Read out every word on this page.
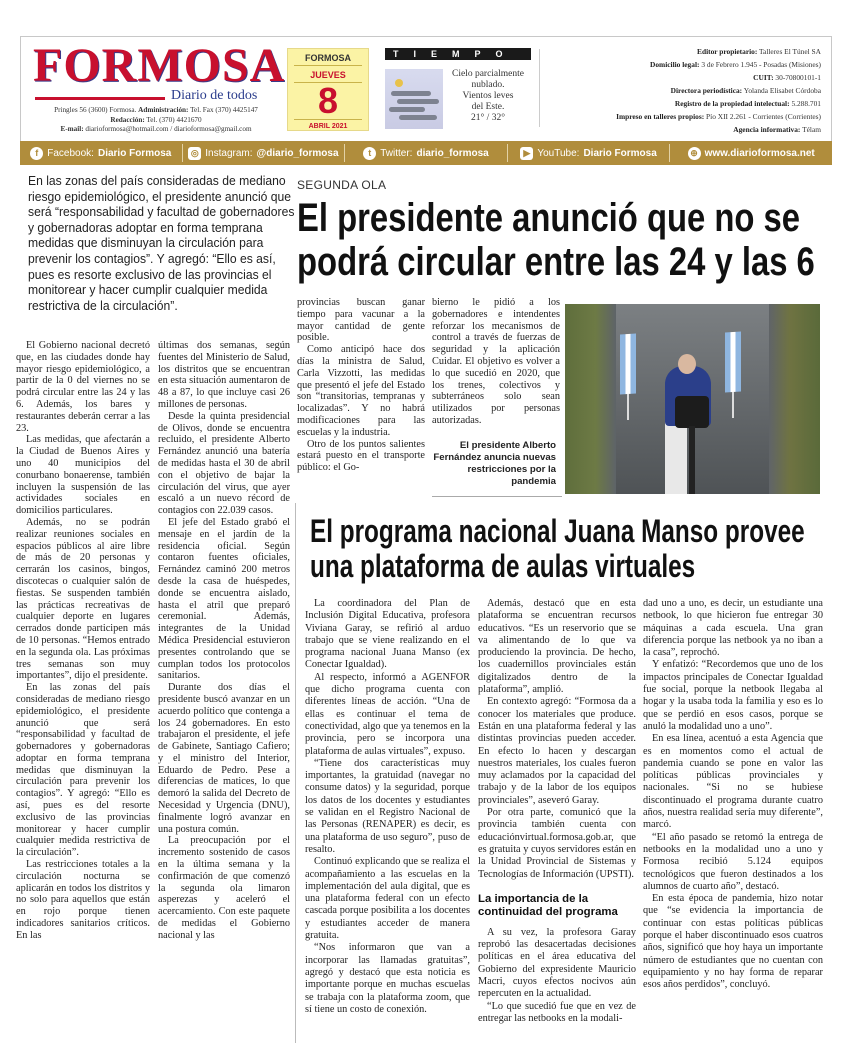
FORMOSA
Diario de todos
Pringles 56 (3600) Formosa. Administración: Tel. Fax (370) 4425147
Redacción: Tel. (370) 4421670
E-mail: diarioformosa@hotmail.com / diarioformosa@gmail.com
FORMOSA
JUEVES
8
ABRIL 2021
TIEMPO
Cielo parcialmente
nublado.
Vientos leves
del Este.
21° / 32°
Editor propietario: Talleres El Túnel SA
Domicilio legal: 3 de Febrero 1.945 - Posadas (Misiones)
CUIT: 30-70800101-1
Directora periodística: Yolanda Elisabet Córdoba
Registro de la propiedad intelectual: 5.288.701
Impreso en talleres propios: Pío XII 2.261 - Corrientes (Corrientes)
Agencia informativa: Télam
f Facebook: Diario Formosa ◎ Instagram: @diario_formosa	t Twitter: diario_formosa	▶ YouTube: Diario Formosa	⊕ www.diarioformosa.net
En las zonas del país consideradas de mediano riesgo epidemiológico, el presidente anunció que será “responsabilidad y facultad de gobernadores y gobernadoras adoptar en forma temprana medidas que disminuyan la circulación para prevenir los contagios”. Y agregó: “Ello es así, pues es resorte exclusivo de las provincias el monitorear y hacer cumplir cualquier medida restrictiva de la circulación”.
SEGUNDA OLA
El presidente anunció que no se podrá circular entre las 24 y las 6

El Gobierno nacional decretó que, en las ciudades donde hay mayor riesgo epidemiológico, a partir de la 0 del viernes no se podrá circular entre las 24 y las 6. Además, los bares y restaurantes deberán cerrar a las 23.

Las medidas, que afectarán a la Ciudad de Buenos Aires y uno 40 municipios del conurbano bonaerense, también incluyen la suspensión de las actividades sociales en domicilios particulares.

Además, no se podrán realizar reuniones sociales en espacios públicos al aire libre de más de 20 personas y cerrarán los casinos, bingos, discotecas o cualquier salón de fiestas. Se suspenden también las prácticas recreativas de cualquier deporte en lugares cerrados donde participen más de 10 personas. “Hemos entrado en la segunda ola. Las próximas tres semanas son muy importantes”, dijo el presidente.

En las zonas del país consideradas de mediano riesgo epidemiológico, el presidente anunció que será “responsabilidad y facultad de gobernadores y gobernadoras adoptar en forma temprana medidas que disminuyan la circulación para prevenir los contagios”. Y agregó: “Ello es así, pues es del resorte exclusivo de las provincias monitorear y hacer cumplir cualquier medida restrictiva de la circulación”.

Las restricciones totales a la circulación nocturna se aplicarán en todos los distritos y no solo para aquellos que están en rojo porque tienen indicadores sanitarios críticos. En las

últimas dos semanas, según fuentes del Ministerio de Salud, los distritos que se encuentran en esta situación aumentaron de 48 a 87, lo que incluye casi 26 millones de personas.

Desde la quinta presidencial de Olivos, donde se encuentra recluido, el presidente Alberto Fernández anunció una batería de medidas hasta el 30 de abril con el objetivo de bajar la circulación del virus, que ayer escaló a un nuevo récord de contagios con 22.039 casos.

El jefe del Estado grabó el mensaje en el jardín de la residencia oficial. Según contaron fuentes oficiales, Fernández caminó 200 metros desde la casa de huéspedes, donde se encuentra aislado, hasta el atril que preparó ceremonial. Además, integrantes de la Unidad Médica Presidencial estuvieron presentes controlando que se cumplan todos los protocolos sanitarios.

Durante dos días el presidente buscó avanzar en un acuerdo político que contenga a los 24 gobernadores. En esto trabajaron el presidente, el jefe de Gabinete, Santiago Cafiero; y el ministro del Interior, Eduardo de Pedro. Pese a diferencias de matices, lo que demoró la salida del Decreto de Necesidad y Urgencia (DNU), finalmente logró avanzar en una postura común.

La preocupación por el incremento sostenido de casos en la última semana y la confirmación de que comenzó la segunda ola limaron asperezas y aceleró el acercamiento. Con este paquete de medidas el Gobierno nacional y las

provincias buscan ganar tiempo para vacunar a la mayor cantidad de gente posible.

Como anticipó hace dos días la ministra de Salud, Carla Vizzotti, las medidas que presentó el jefe del Estado son “transitorias, tempranas y localizadas”. Y no habrá modificaciones para las escuelas y la industria.

Otro de los puntos salientes estará puesto en el transporte público: el Go-

bierno le pidió a los gobernadores e intendentes reforzar los mecanismos de control a través de fuerzas de seguridad y la aplicación Cuidar. El objetivo es volver a lo que sucedió en 2020, que los trenes, colectivos y subterráneos solo sean utilizados por personas autorizadas.

El presidente Alberto Fernández anuncia nuevas restricciones por la pandemia
El programa nacional Juana Manso provee una plataforma de aulas virtuales

La coordinadora del Plan de Inclusión Digital Educativa, profesora Viviana Garay, se refirió al arduo trabajo que se viene realizando en el programa nacional Juana Manso (ex Conectar Igualdad).

Al respecto, informó a AGENFOR que dicho programa cuenta con diferentes líneas de acción. “Una de ellas es continuar el tema de conectividad, algo que ya tenemos en la provincia, pero se incorpora una plataforma de aulas virtuales”, expuso.

“Tiene dos características muy importantes, la gratuidad (navegar no consume datos) y la seguridad, porque los datos de los docentes y estudiantes se validan en el Registro Nacional de las Personas (RENAPER) es decir, es una plataforma de uso seguro”, puso de resalto.

Continuó explicando que se realiza el acompañamiento a las escuelas en la implementación del aula digital, que es una plataforma federal con un efecto cascada porque posibilita a los docentes y estudiantes acceder de manera gratuita.

“Nos informaron que van a incorporar las llamadas gratuitas”, agregó y destacó que esta noticia es importante porque en muchas escuelas se trabaja con la plataforma zoom, que sí tiene un costo de conexión.

Además, destacó que en esta plataforma se encuentran recursos educativos. “Es un reservorio que se va alimentando de lo que va produciendo la provincia. De hecho, los cuadernillos provinciales están digitalizados dentro de la plataforma”, amplió.

En contexto agregó: “Formosa da a conocer los materiales que produce. Están en una plataforma federal y las distintas provincias pueden acceder. En efecto lo hacen y descargan nuestros materiales, los cuales fueron muy aclamados por la capacidad del trabajo y de la labor de los equipos provinciales”, aseveró Garay.

Por otra parte, comunicó que la provincia también cuenta con educaciónvirtual.formosa.gob.ar, que es gratuita y cuyos servidores están en la Unidad Provincial de Sistemas y Tecnologías de Información (UPSTI).

La importancia de la continuidad del programa

A su vez, la profesora Garay reprobó las desacertadas decisiones políticas en el área educativa del Gobierno del expresidente Mauricio Macri, cuyos efectos nocivos aún repercuten en la actualidad.

“Lo que sucedió fue que en vez de entregar las netbooks en la modali-

dad uno a uno, es decir, un estudiante una netbook, lo que hicieron fue entregar 30 máquinas a cada escuela. Una gran diferencia porque las netbook ya no iban a la casa”, reprochó.

Y enfatizó: “Recordemos que uno de los impactos principales de Conectar Igualdad fue social, porque la netbook llegaba al hogar y la usaba toda la familia y eso es lo que se perdió en esos casos, porque se anuló la modalidad uno a uno”.

En esa línea, acentuó a esta Agencia que es en momentos como el actual de pandemia cuando se pone en valor las políticas públicas provinciales y nacionales. “Si no se hubiese discontinuado el programa durante cuatro años, nuestra realidad sería muy diferente”, marcó.

“El año pasado se retomó la entrega de netbooks en la modalidad uno a uno y Formosa recibió 5.124 equipos tecnológicos que fueron destinados a los alumnos de cuarto año”, destacó.

En esta época de pandemia, hizo notar que “se evidencia la importancia de continuar con estas políticas públicas porque el haber discontinuado esos cuatros años, significó que hoy haya un importante número de estudiantes que no cuentan con equipamiento y no hay forma de reparar esos años perdidos”, concluyó.
